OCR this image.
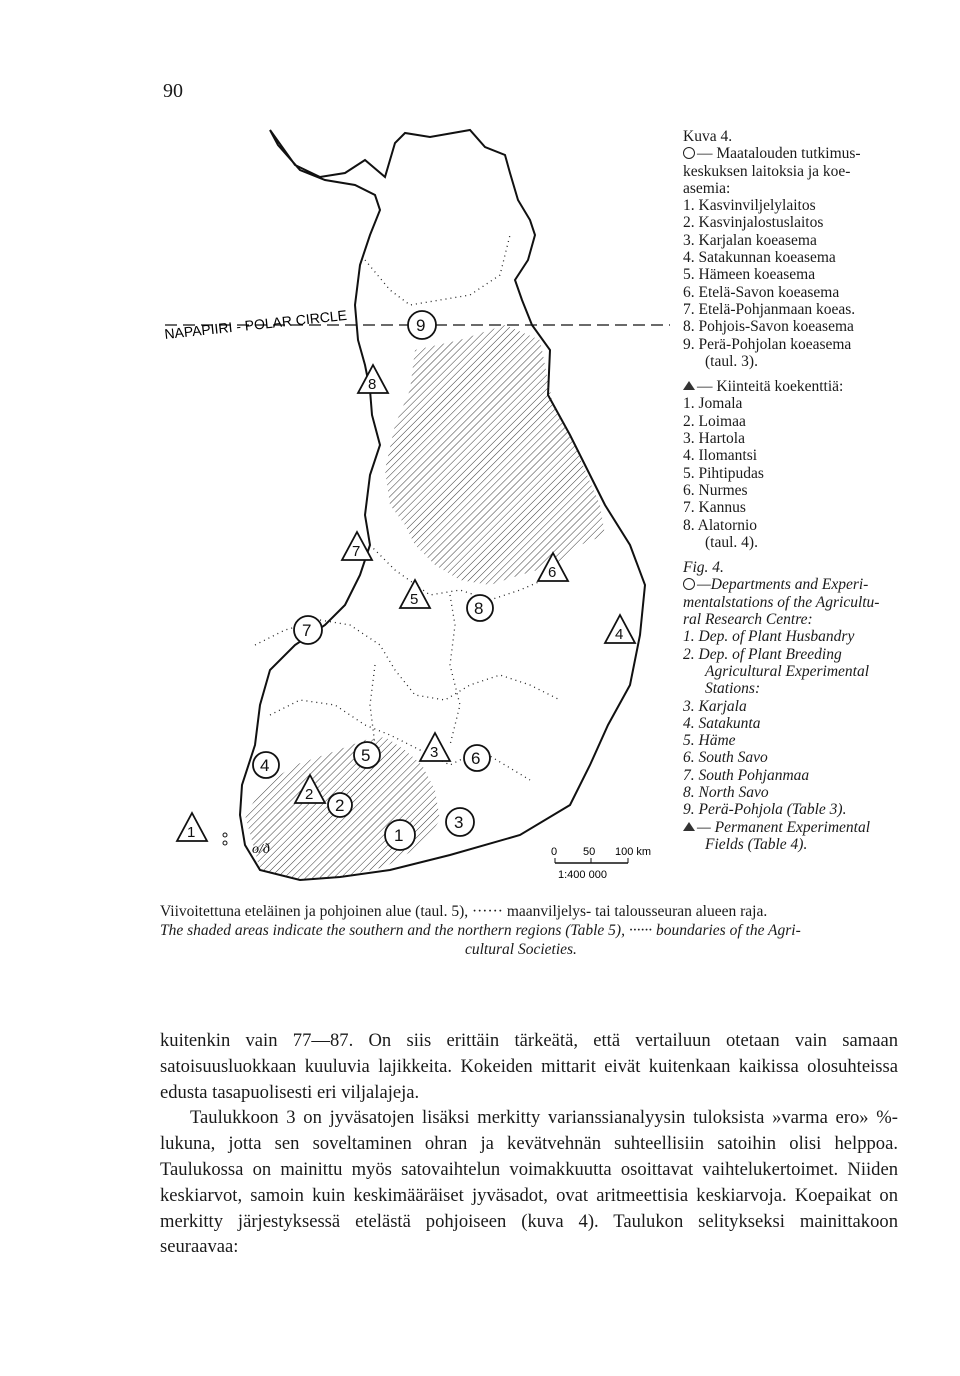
90
NAPAPIIRI - POLAR CIRCLE	9
8
7
6
5
4
2
3
1
8
7
6
5
4
3
2
1
o/ð	0 50 100 km
1:400 000
Kuva 4.
— Maatalouden tutkimus-
keskuksen laitoksia ja koe-
asemia:
1. Kasvinviljelylaitos
2. Kasvinjalostuslaitos
3. Karjalan koeasema
4. Satakunnan koeasema
5. Hämeen koeasema
6. Etelä-Savon koeasema
7. Etelä-Pohjanmaan koeas.
8. Pohjois-Savon koeasema
9. Perä-Pohjolan koeasema
(taul. 3).
— Kiinteitä koekenttiä:
1. Jomala
2. Loimaa
3. Hartola
4. Ilomantsi
5. Pihtipudas
6. Nurmes
7. Kannus
8. Alatornio
(taul. 4).
Fig. 4.
—Departments and Experi-
mentalstations of the Agricultu-
ral Research Centre:
1. Dep. of Plant Husbandry
2. Dep. of Plant Breeding
Agricultural Experimental
Stations:
3. Karjala
4. Satakunta
5. Häme
6. South Savo
7. South Pohjanmaa
8. North Savo
9. Perä-Pohjola (Table 3).
— Permanent Experimental
Fields (Table 4).
Viivoitettuna eteläinen ja pohjoinen alue (taul. 5), ······ maanviljelys- tai talousseuran alueen raja.
The shaded areas indicate the southern and the northern regions (Table 5), ······ boundaries of the Agri-
cultural Societies.

kuitenkin vain 77—87. On siis erittäin tärkeätä, että vertailuun otetaan vain samaan satoisuusluokkaan kuuluvia lajikkeita. Kokeiden mittarit eivät kuitenkaan kaikissa olosuhteissa edusta tasapuolisesti eri viljalajeja.

Taulukkoon 3 on jyväsatojen lisäksi merkitty varianssianalyysin tuloksista »varma ero» %-lukuna, jotta sen soveltaminen ohran ja kevätvehnän suhteellisiin satoihin olisi helppoa. Taulukossa on mainittu myös satovaihtelun voimakkuutta osoittavat vaihtelukertoimet. Niiden keskiarvot, samoin kuin keskimääräiset jyväsadot, ovat aritmeettisia keskiarvoja. Koepaikat on merkitty järjestyksessä etelästä pohjoiseen (kuva 4). Taulukon selitykseksi mainittakoon seuraavaa:
